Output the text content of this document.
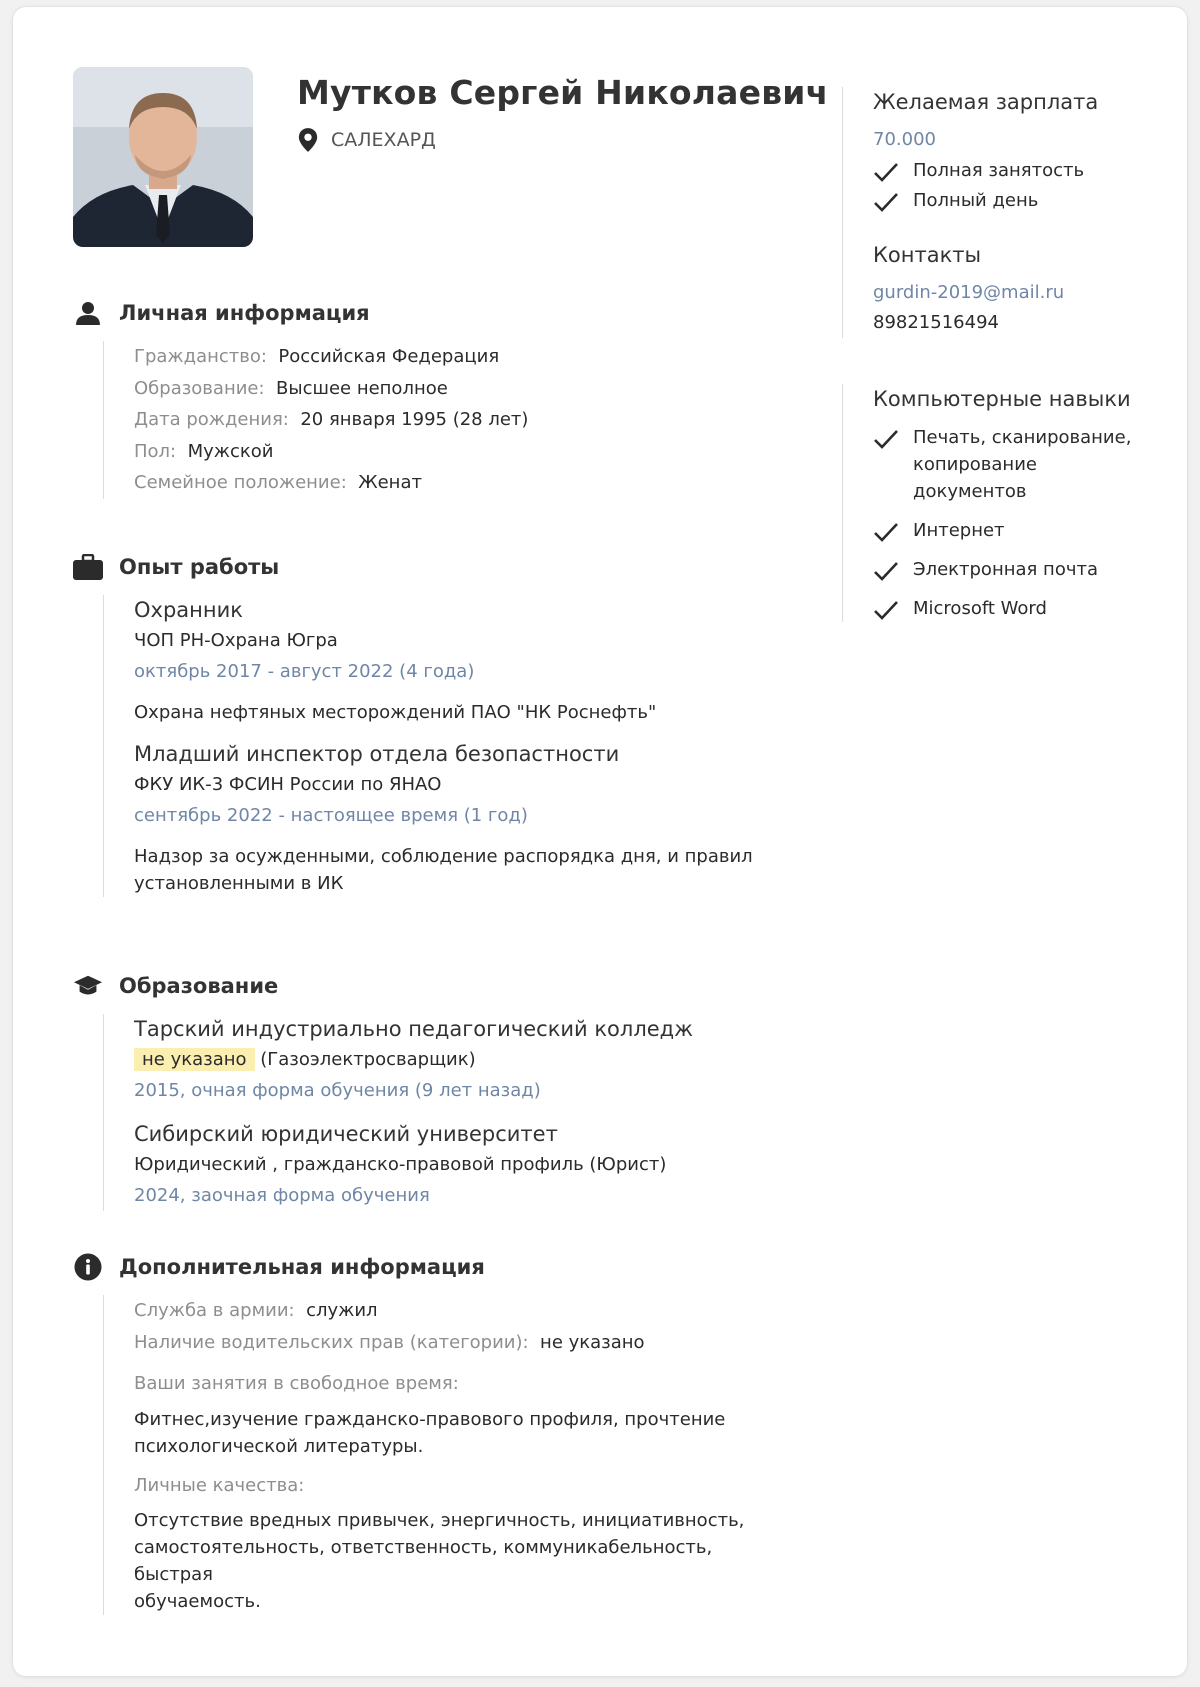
Мутков Сергей Николаевич
САЛЕХАРД
Личная информация
Гражданство: Российская Федерация
Образование: Высшее неполное
Дата рождения: 20 января 1995 (28 лет)
Пол: Мужской
Семейное положение: Женат
Опыт работы
Охранник
ЧОП РН-Охрана Югра
октябрь 2017 - август 2022 (4 года)
Охрана нефтяных месторождений ПАО "НК Роснефть"
Младший инспектор отдела безопастности
ФКУ ИК-3 ФСИН России по ЯНАО
сентябрь 2022 - настоящее время (1 год)
Надзор за осужденными, соблюдение распорядка дня, и правил
установленными в ИК
Образование
Тарский индустриально педагогический колледж
не указано (Газоэлектросварщик)
2015, очная форма обучения (9 лет назад)
Сибирский юридический университет
Юридический , гражданско-правовой профиль (Юрист)
2024, заочная форма обучения
Дополнительная информация
Служба в армии: служил
Наличие водительских прав (категории): не указано
Ваши занятия в свободное время:
Фитнес,изучение гражданско-правового профиля, прочтение
психологической литературы.
Личные качества:
Отсутствие вредных привычек, энергичность, инициативность,
самостоятельность, ответственность, коммуникабельность, быстрая
обучаемость.
Желаемая зарплата
70.000
Полная занятость
Полный день
Контакты
gurdin-2019@mail.ru
89821516494
Компьютерные навыки
Печать, сканирование,
копирование
документов
Интернет
Электронная почта
Microsoft Word
